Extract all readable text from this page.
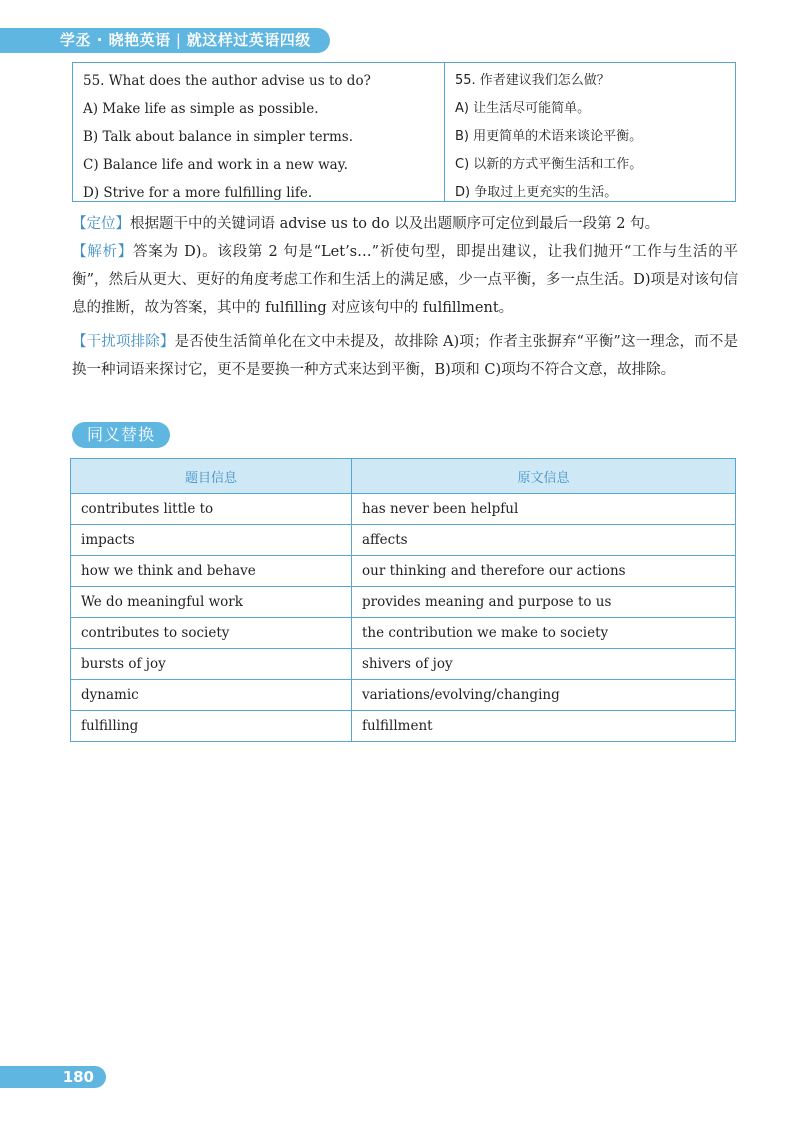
学丞 · 晓艳英语 | 就这样过英语四级
55. What does the author advise us to do?
A) Make life as simple as possible.
B) Talk about balance in simpler terms.
C) Balance life and work in a new way.
D) Strive for a more fulfilling life.
55. 作者建议我们怎么做？
A) 让生活尽可能简单。
B) 用更简单的术语来谈论平衡。
C) 以新的方式平衡生活和工作。
D) 争取过上更充实的生活。
【定位】根据题干中的关键词语 advise us to do 以及出题顺序可定位到最后一段第 2 句。
【解析】答案为 D)。该段第 2 句是“Let’s…”祈使句型，即提出建议，让我们抛开“工作与生活的平衡”，然后从更大、更好的角度考虑工作和生活上的满足感，少一点平衡，多一点生活。D)项是对该句信息的推断，故为答案，其中的 fulfilling 对应该句中的 fulfillment。
【干扰项排除】是否使生活简单化在文中未提及，故排除 A)项；作者主张摒弃“平衡”这一理念，而不是换一种词语来探讨它，更不是要换一种方式来达到平衡，B)项和 C)项均不符合文意，故排除。
同义替换
题目信息	原文信息
contributes little to	has never been helpful
impacts	affects
how we think and behave	our thinking and therefore our actions
We do meaningful work	provides meaning and purpose to us
contributes to society	the contribution we make to society
bursts of joy	shivers of joy
dynamic	variations/evolving/changing
fulfilling	fulfillment
180
